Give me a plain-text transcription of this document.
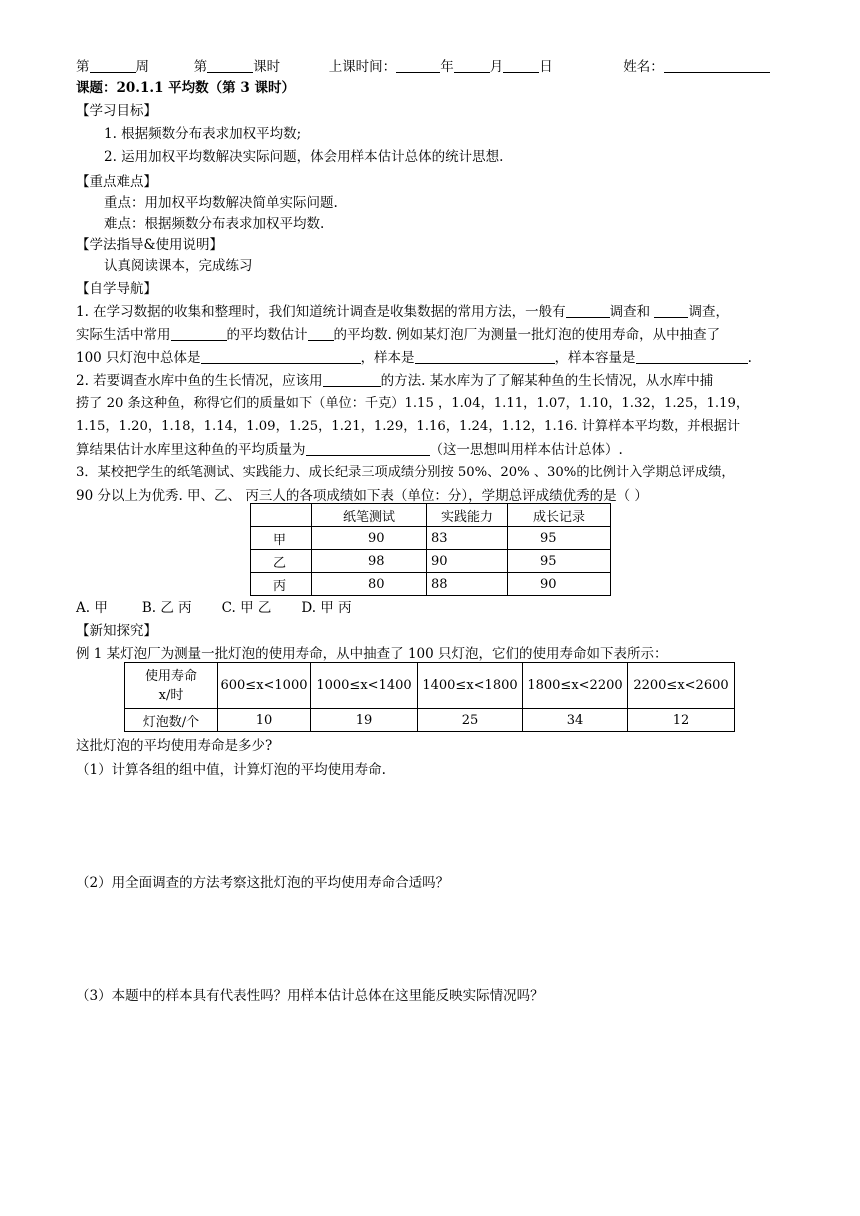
第	周	第	课时	上课时间：	年	月	日	姓名：
课题：20.1.1 平均数（第 3 课时）
【学习目标】
1. 根据频数分布表求加权平均数;
2. 运用加权平均数解决实际问题，体会用样本估计总体的统计思想.
【重点难点】
重点：用加权平均数解决简单实际问题.
难点：根据频数分布表求加权平均数.
【学法指导&使用说明】
认真阅读课本，完成练习
【自学导航】
1. 在学习数据的收集和整理时，我们知道统计调查是收集数据的常用方法，一般有	调查和	调查，
实际生活中常用	的平均数估计 的平均数. 例如某灯泡厂为测量一批灯泡的使用寿命，从中抽查了
100 只灯泡中总体是	，样本是	，样本容量是	.
2. 若要调查水库中鱼的生长情况，应该用	的方法. 某水库为了了解某种鱼的生长情况，从水库中捕
捞了 20 条这种鱼，称得它们的质量如下（单位：千克）1.15 ，1.04，1.11，1.07，1.10，1.32，1.25，1.19，
1.15，1.20，1.18，1.14，1.09，1.25，1.21，1.29，1.16，1.24，1.12，1.16. 计算样本平均数，并根据计
算结果估计水库里这种鱼的平均质量为	（这一思想叫用样本估计总体）.
3．某校把学生的纸笔测试、实践能力、成长纪录三项成绩分别按 50%、20% 、30%的比例计入学期总评成绩，
90 分以上为优秀. 甲、乙、 丙三人的各项成绩如下表（单位：分），学期总评成绩优秀的是（ ）
	纸笔测试	实践能力	成长记录
甲	90	83	95
乙	98	90	95
丙	80	88	90
A. 甲	B. 乙 丙 C. 甲 乙 D. 甲 丙
【新知探究】
例 1 某灯泡厂为测量一批灯泡的使用寿命，从中抽查了 100 只灯泡，它们的使用寿命如下表所示：
使用寿命
x/时	600≤x<1000	1000≤x<1400	1400≤x<1800	1800≤x<2200	2200≤x<2600
灯泡数/个	10	19	25	34	12
这批灯泡的平均使用寿命是多少?
（1）计算各组的组中值，计算灯泡的平均使用寿命.
（2）用全面调查的方法考察这批灯泡的平均使用寿命合适吗？
（3）本题中的样本具有代表性吗？用样本估计总体在这里能反映实际情况吗？
